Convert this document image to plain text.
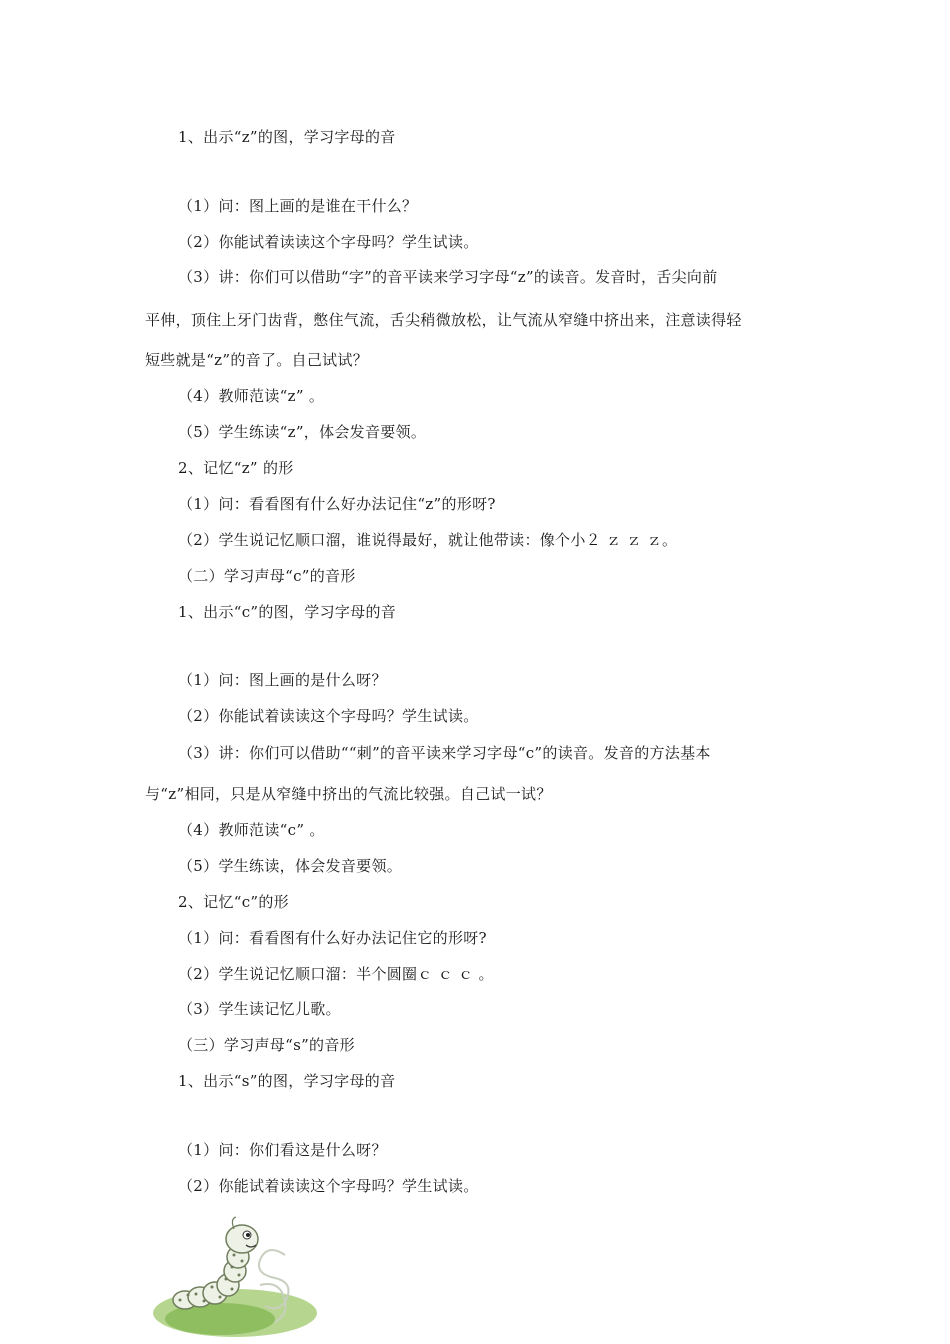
1、出示“z”的图，学习字母的音
（1）问：图上画的是谁在干什么？
（2）你能试着读读这个字母吗？学生试读。
（3）讲：你们可以借助“字”的音平读来学习字母“z”的读音。发音时，舌尖向前
平伸，顶住上牙门齿背，憋住气流，舌尖稍微放松，让气流从窄缝中挤出来，注意读得轻
短些就是“z”的音了。自己试试？
（4）教师范读“z” 。
（5）学生练读“z”，体会发音要领。
2、记忆“z” 的形
（1）问：看看图有什么好办法记住“z”的形呀?
（2）学生说记忆顺口溜，谁说得最好，就让他带读：像个小２ ｚ ｚ ｚ。
（二）学习声母“c”的音形
1、出示“c”的图，学习字母的音
（1）问：图上画的是什么呀？
（2）你能试着读读这个字母吗？学生试读。
（3）讲：你们可以借助““刺”的音平读来学习字母“c”的读音。发音的方法基本
与“z”相同，只是从窄缝中挤出的气流比较强。自己试一试？
（4）教师范读“c” 。
（5）学生练读，体会发音要领。
2、记忆“c”的形
（1）问：看看图有什么好办法记住它的形呀?
（2）学生说记忆顺口溜：半个圆圈ｃ ｃ ｃ 。
（3）学生读记忆儿歌。
（三）学习声母“s”的音形
1、出示“s”的图，学习字母的音
（1）问：你们看这是什么呀？
（2）你能试着读读这个字母吗？学生试读。
